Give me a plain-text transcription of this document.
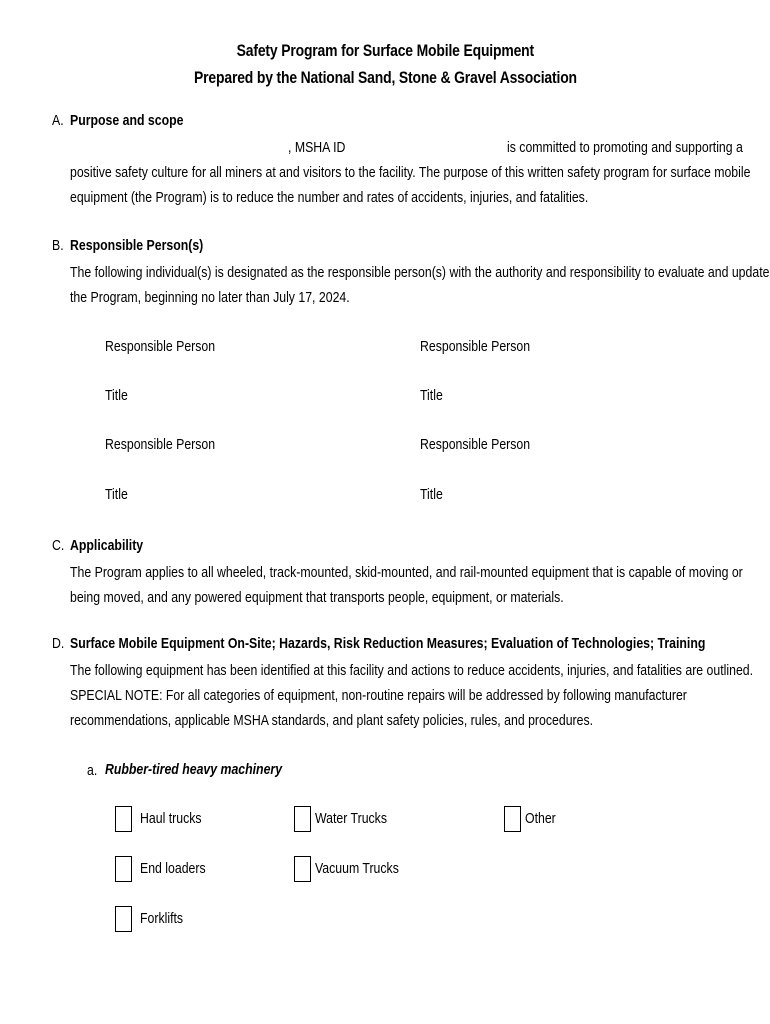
Safety Program for Surface Mobile Equipment
Prepared by the National Sand, Stone & Gravel Association
A. Purpose and scope
, MSHA ID	is committed to promoting and supporting a
positive safety culture for all miners at and visitors to the facility. The purpose of this written safety program for surface mobile
equipment (the Program) is to reduce the number and rates of accidents, injuries, and fatalities.
B. Responsible Person(s)
The following individual(s) is designated as the responsible person(s) with the authority and responsibility to evaluate and update
the Program, beginning no later than July 17, 2024.
Responsible Person	Responsible Person
Title	Title
Responsible Person	Responsible Person
Title	Title
C. Applicability
The Program applies to all wheeled, track-mounted, skid-mounted, and rail-mounted equipment that is capable of moving or
being moved, and any powered equipment that transports people, equipment, or materials.
D. Surface Mobile Equipment On-Site; Hazards, Risk Reduction Measures; Evaluation of Technologies; Training
The following equipment has been identified at this facility and actions to reduce accidents, injuries, and fatalities are outlined.
SPECIAL NOTE: For all categories of equipment, non-routine repairs will be addressed by following manufacturer
recommendations, applicable MSHA standards, and plant safety policies, rules, and procedures.
a. Rubber-tired heavy machinery
Haul trucks	Water Trucks	Other
End loaders	Vacuum Trucks
Forklifts
